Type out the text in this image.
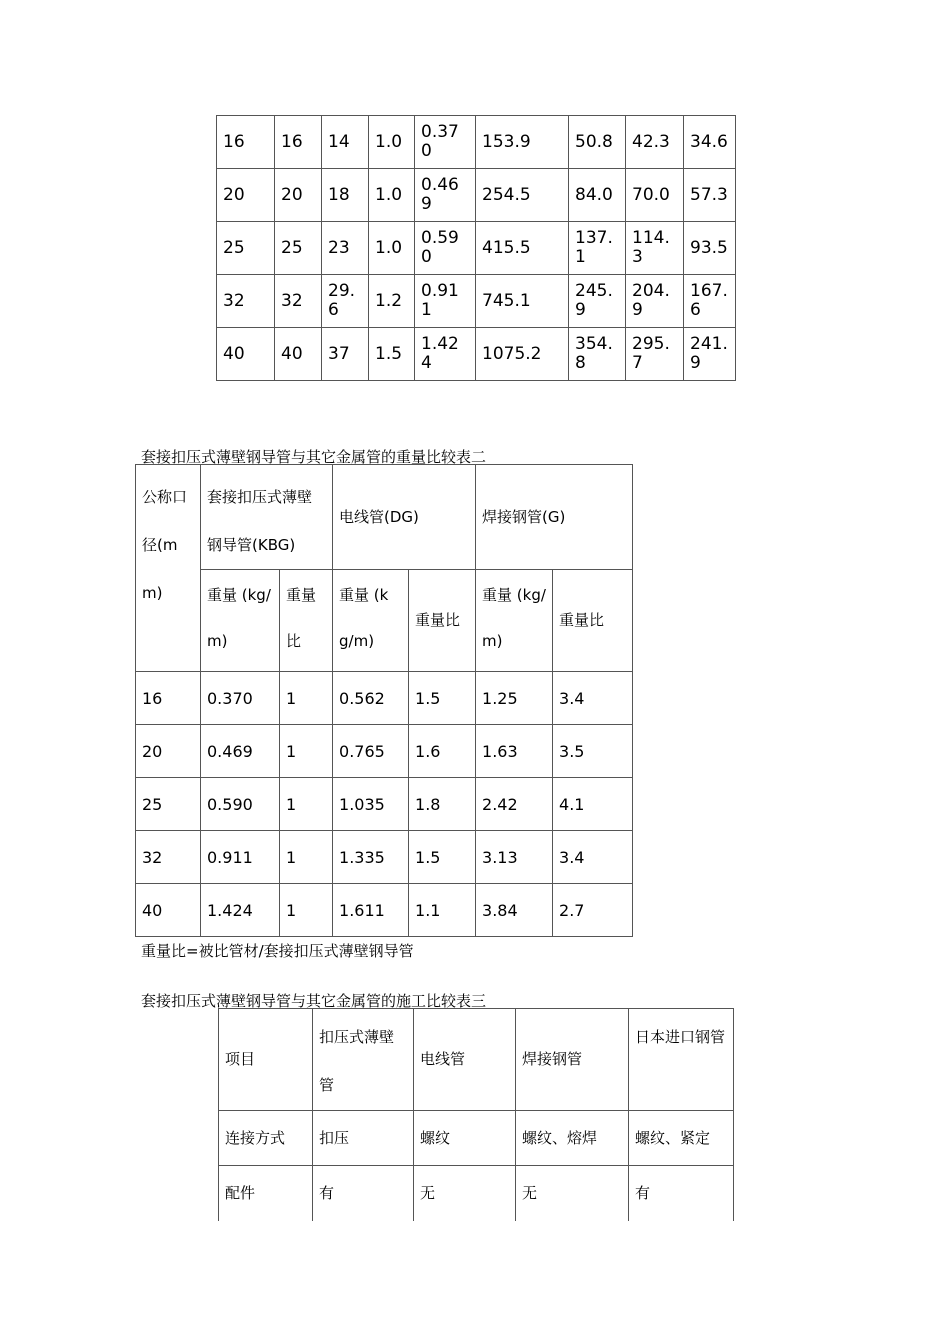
16	16	14	1.0	0.370	153.9	50.8	42.3	34.6
20	20	18	1.0	0.469	254.5	84.0	70.0	57.3
25	25	23	1.0	0.590	415.5	137.1	114.3	93.5
32	32	29.6	1.2	0.911	745.1	245.9	204.9	167.6
40	40	37	1.5	1.424	1075.2	354.8	295.7	241.9
套接扣压式薄壁钢导管与其它金属管的重量比较表二
公称口径(mm)	套接扣压式薄壁钢导管(KBG)		电线管(DG)		焊接钢管(G)	
	重量 (kg/m)	重量比	重量 (kg/m)	重量比	重量 (kg/m)	重量比
16	0.370	1	0.562	1.5	1.25	3.4
20	0.469	1	0.765	1.6	1.63	3.5
25	0.590	1	1.035	1.8	2.42	4.1
32	0.911	1	1.335	1.5	3.13	3.4
40	1.424	1	1.611	1.1	3.84	2.7
重量比=被比管材/套接扣压式薄壁钢导管
套接扣压式薄壁钢导管与其它金属管的施工比较表三
项目	扣压式薄壁管	电线管	焊接钢管	日本进口钢管
连接方式	扣压	螺纹	螺纹、熔焊	螺纹、紧定
配件	有	无	无	有
